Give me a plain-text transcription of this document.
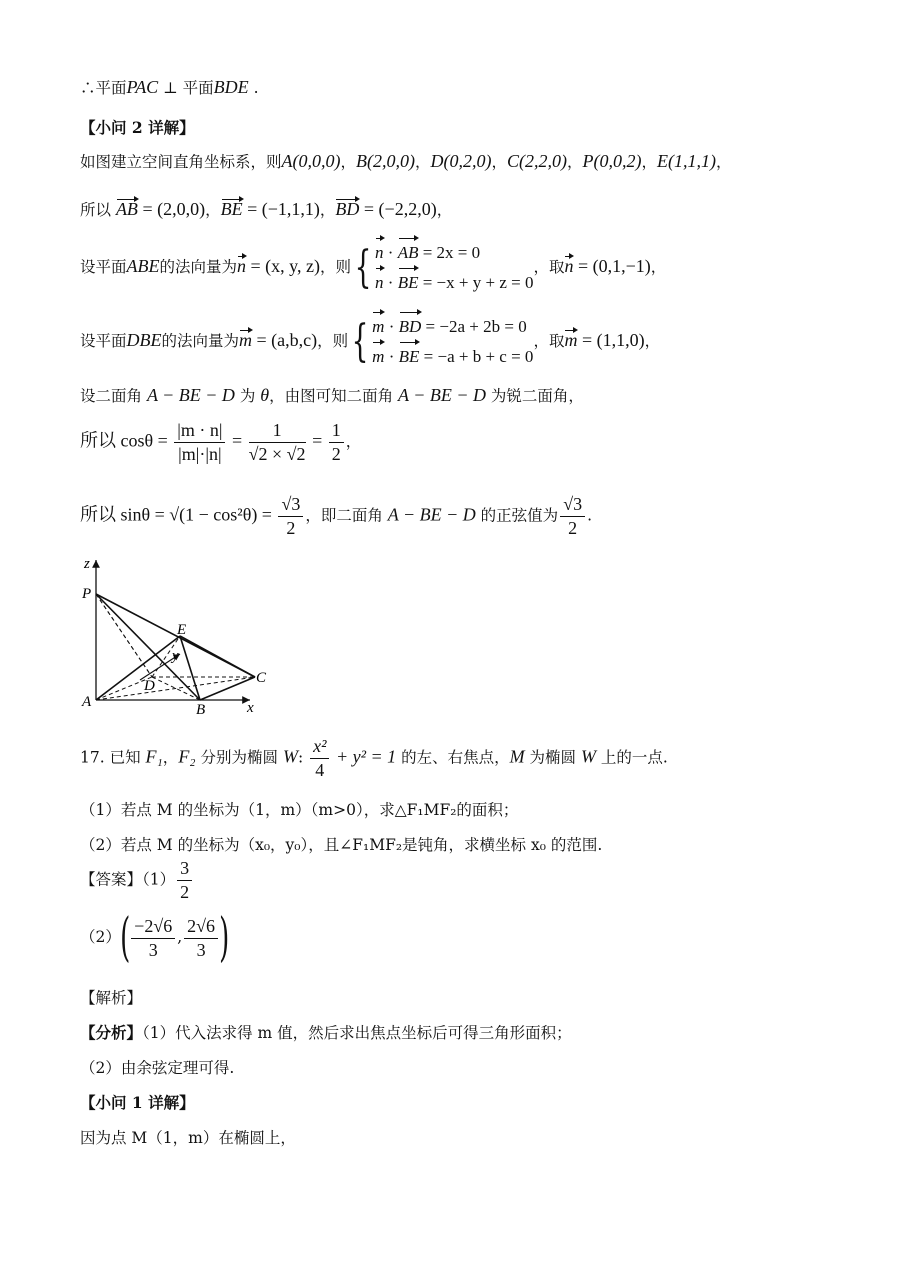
∴平面PAC ⊥ 平面BDE .
【小问 2 详解】
如图建立空间直角坐标系，则A(0,0,0)，B(2,0,0)，D(0,2,0)，C(2,2,0)，P(0,0,2)，E(1,1,1)，
所以 AB = (2,0,0)，BE = (−1,1,1)，BD = (−2,2,0)，
设平面ABE的法向量为n = (x, y, z)，则{ n · AB = 2x = 0
n · BE = −x + y + z = 0
，取n = (0,1,−1)，
设平面DBE的法向量为m = (a,b,c)，则{ m · BD = −2a + 2b = 0
m · BE = −a + b + c = 0
，取m = (1,1,0)，
设二面角 A − BE − D 为 θ，由图可知二面角 A − BE − D 为锐二面角，
所以 $\cos\theta = \frac{|m \cdot n|}{|m|\cdot|n|} = \frac{1}{√2 \times √2} = \frac{1}{2}$ ，
所以 $\sin\theta = √(1 - \cos^2\theta) = \frac{√3}{2}$ ，即二面角 A − BE − D 的正弦值为 $\frac{√3}{2}$ .
z
P
E
y
D	C
A	B	x
17. 已知 F₁，F₂ 分别为椭圆 W: $\frac{\text{x²}}{4} + y^2 = 1$ 的左、右焦点，M 为椭圆 W 上的一点.
（1）若点 M 的坐标为（1，m）（m>0），求△F₁MF₂的面积；
（2）若点 M 的坐标为（x₀，y₀），且∠F₁MF₂是钝角，求横坐标 x₀ 的范围.
【答案】$(1) \frac{3}{2}$
$(2)( \frac{-2√6}{3}$ , $\frac{2√6}{3}$ )
【解析】
【分析】（1）代入法求得 m 值，然后求出焦点坐标后可得三角形面积；
（2）由余弦定理可得.
【小问 1 详解】
因为点 M（1，m）在椭圆上，
